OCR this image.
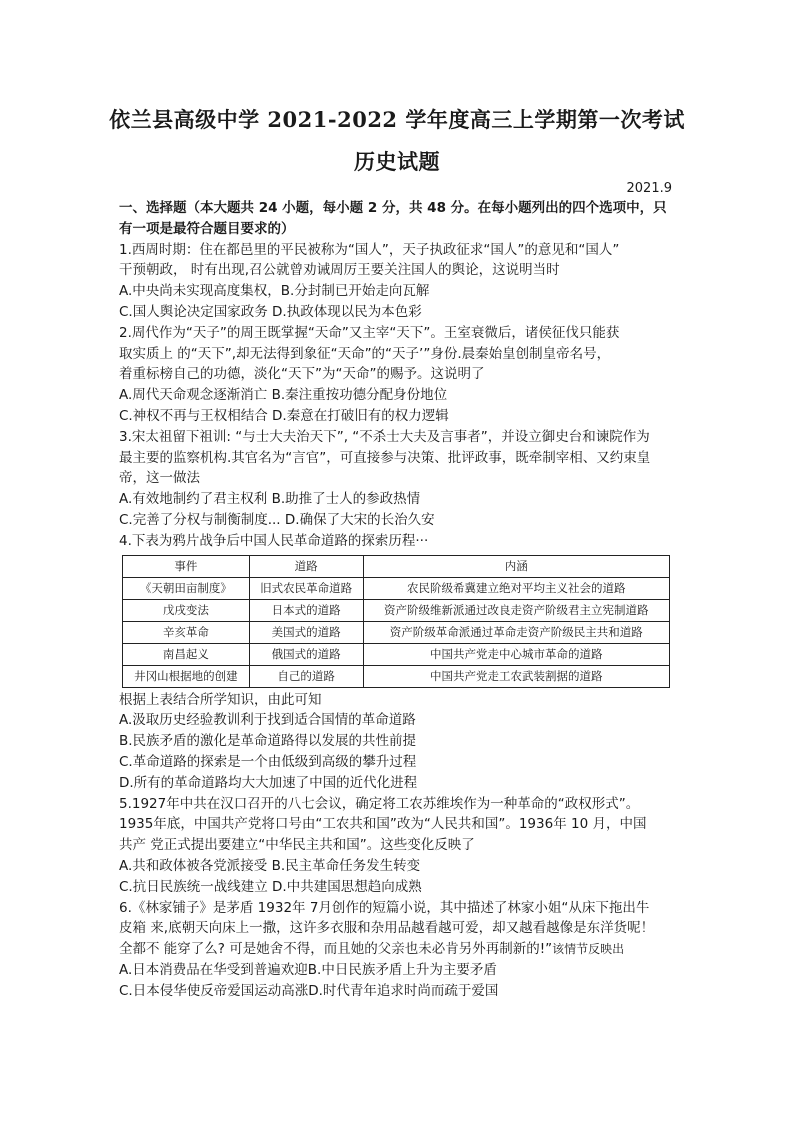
依兰县高级中学 2021-2022 学年度高三上学期第一次考试
历史试题
2021.9
一、选择题（本大题共 24 小题，每小题 2 分，共 48 分。在每小题列出的四个选项中，只
有一项是最符合题目要求的）
1.西周时期：住在都邑里的平民被称为“国人”，天子执政征求“国人”的意见和“国人”
干预朝政， 时有出现,召公就曾劝诫周厉王要关注国人的舆论，这说明当时
A.中央尚未实现高度集权，B.分封制已开始走向瓦解
C.国人舆论决定国家政务 D.执政体现以民为本色彩
2.周代作为“天子”的周王既掌握“天命”又主宰“天下”。王室衰微后，诸侯征伐只能获
取实质上 的“天下”,却无法得到象征“天命”的“天子’”身份.晨秦始皇创制皇帝名号，
着重标榜自己的功德，淡化“天下”为“天命”的赐予。这说明了
A.周代天命观念逐渐消亡 B.秦注重按功德分配身份地位
C.神权不再与王权相结合 D.秦意在打破旧有的权力逻辑
3.宋太祖留下祖训: “与士大夫治天下”, “不杀士大夫及言事者”，并设立御史台和谏院作为
最主要的监察机构.其官名为“言官”，可直接参与决策、批评政事，既牵制宰相、又约束皇
帝，这一做法
A.有效地制约了君主权利 B.助推了士人的参政热情
C.完善了分权与制衡制度... D.确保了大宋的长治久安
4.下表为鸦片战争后中国人民革命道路的探索历程···
事件	道路	内涵
《天朝田亩制度》	旧式农民革命道路	农民阶级希冀建立绝对平均主义社会的道路
戊戌变法	日本式的道路	资产阶级维新派通过改良走资产阶级君主立宪制道路
辛亥革命	美国式的道路	资产阶级革命派通过革命走资产阶级民主共和道路
南昌起义	俄国式的道路	中国共产党走中心城市革命的道路
井冈山根据地的创建	自己的道路	中国共产党走工农武装割据的道路
根据上表结合所学知识，由此可知
A.汲取历史经验教训利于找到适合国情的革命道路
B.民族矛盾的激化是革命道路得以发展的共性前提
C.革命道路的探索是一个由低级到高级的攀升过程
D.所有的革命道路均大大加速了中国的近代化进程
5.1927年中共在汉口召开的八七会议，确定将工农苏维埃作为一种革命的“政权形式”。
1935年底，中国共产党将口号由“工农共和国”改为“人民共和国”。1936年 10 月，中国
共产 党正式提出要建立“中华民主共和国”。这些变化反映了
A.共和政体被各党派接受 B.民主革命任务发生转变
C.抗日民族统一战线建立 D.中共建国思想趋向成熟
6.《林家铺子》是茅盾 1932年 7月创作的短篇小说，其中描述了林家小姐“从床下拖出牛
皮箱 来,底朝天向床上一撒，这许多衣服和杂用品越看越可爱，却又越看越像是东洋货呢！
全都不 能穿了么? 可是她舍不得，而且她的父亲也未必肯另外再制新的!”该情节反映出
A.日本消费品在华受到普遍欢迎B.中日民族矛盾上升为主要矛盾
C.日本侵华使反帝爱国运动高涨D.时代青年追求时尚而疏于爱国
